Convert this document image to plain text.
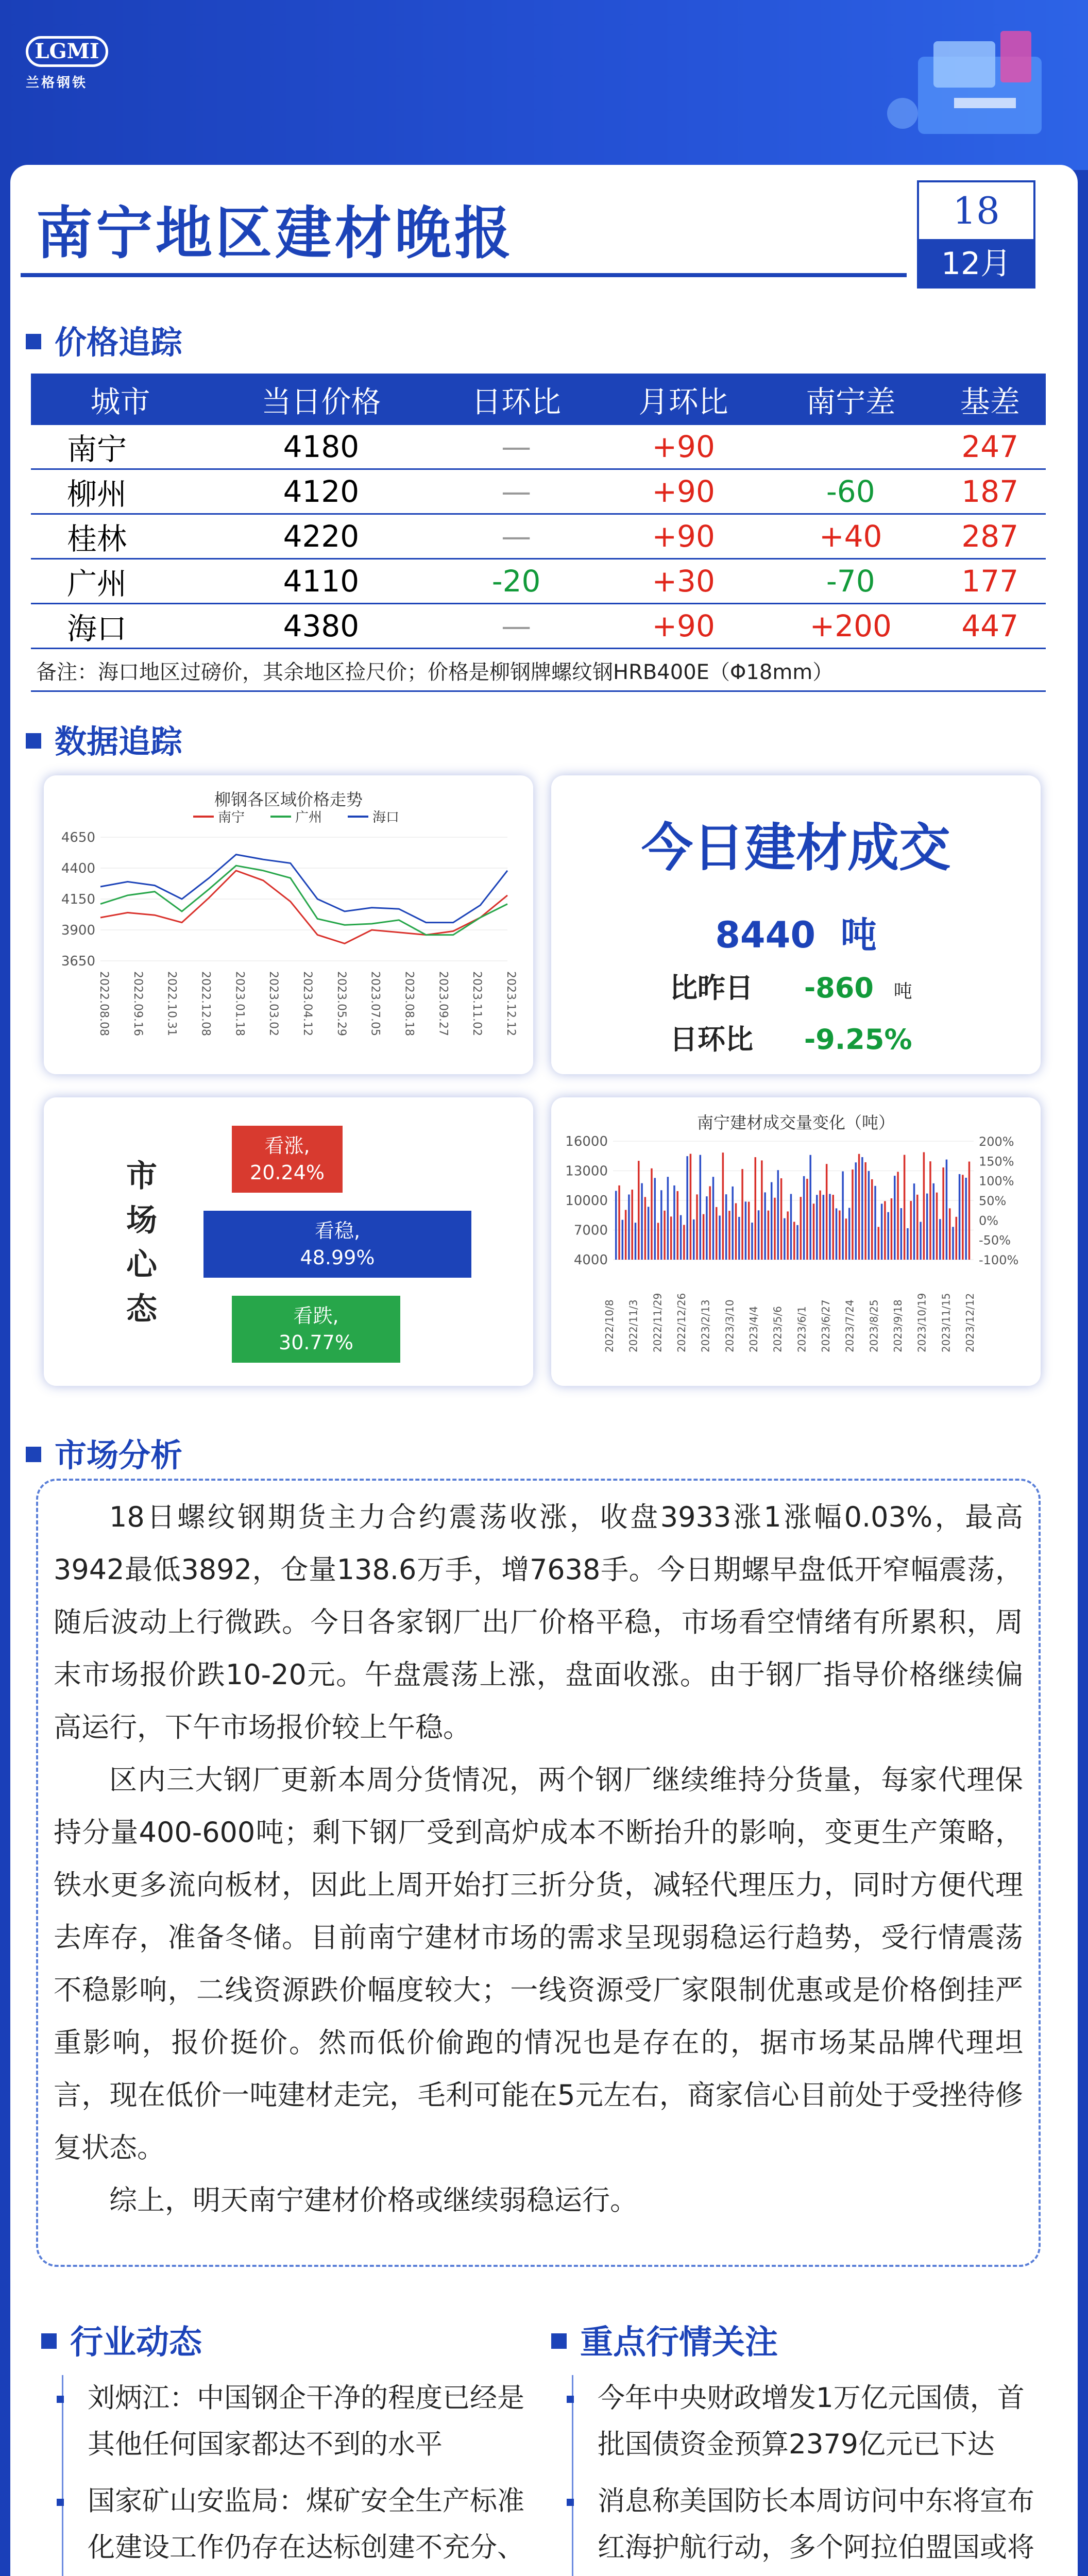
LGMI
兰格钢铁
南宁地区建材晚报	18
12月
价格追踪
城市	当日价格	日环比	月环比	南宁差	基差
南宁	4180	—	+90		247
柳州	4120	—	+90	-60	187
桂林	4220	—	+90	+40	287
广州	4110	-20	+30	-70	177
海口	4380	—	+90	+200	447
备注：海口地区过磅价，其余地区捡尺价；价格是柳钢牌螺纹钢HRB400E（Φ18mm）
数据追踪
柳钢各区域价格走势
南宁	广州	海口
4650
4400
4150
3900
3650
2022.08.08 2022.09.16 2022.10.31 2022.12.08 2023.01.18 2023.03.02 2023.04.12 2023.05.29 2023.07.05 2023.08.18 2023.09.27 2023.11.02 2023.12.12
今日建材成交
8440 吨
比昨日 -860 吨
日环比 -9.25%
市场心态
看涨,
20.24%
看稳,
48.99%
看跌,
30.77%
南宁建材成交量变化（吨）
16000
13000
10000
7000
4000
200%
150%
100%
50%
0%
-50%
-100%
2022/10/8 2022/11/3 2022/11/29 2022/12/26 2023/2/13 2023/3/10 2023/4/4 2023/5/6 2023/6/1 2023/6/27 2023/7/24 2023/8/25 2023/9/18 2023/10/19 2023/11/15 2023/12/12
市场分析

18日螺纹钢期货主力合约震荡收涨，收盘3933涨1涨幅0.03%，最高3942最低3892，仓量138.6万手，增7638手。今日期螺早盘低开窄幅震荡，随后波动上行微跌。今日各家钢厂出厂价格平稳，市场看空情绪有所累积，周末市场报价跌10-20元。午盘震荡上涨，盘面收涨。由于钢厂指导价格继续偏高运行，下午市场报价较上午稳。

区内三大钢厂更新本周分货情况，两个钢厂继续维持分货量，每家代理保持分量400-600吨；剩下钢厂受到高炉成本不断抬升的影响，变更生产策略，铁水更多流向板材，因此上周开始打三折分货，减轻代理压力，同时方便代理去库存，准备冬储。目前南宁建材市场的需求呈现弱稳运行趋势，受行情震荡不稳影响，二线资源跌价幅度较大；一线资源受厂家限制优惠或是价格倒挂严重影响，报价挺价。然而低价偷跑的情况也是存在的，据市场某品牌代理坦言，现在低价一吨建材走完，毛利可能在5元左右，商家信心目前处于受挫待修复状态。

综上，明天南宁建材价格或继续弱稳运行。

行业动态
刘炳江：中国钢企干净的程度已经是其他任何国家都达不到的水平
国家矿山安监局：煤矿安全生产标准化建设工作仍存在达标创建不充分、
重点行情关注
今年中央财政增发1万亿元国债，首批国债资金预算2379亿元已下达
消息称美国防长本周访问中东将宣布红海护航行动，多个阿拉伯盟国或将
